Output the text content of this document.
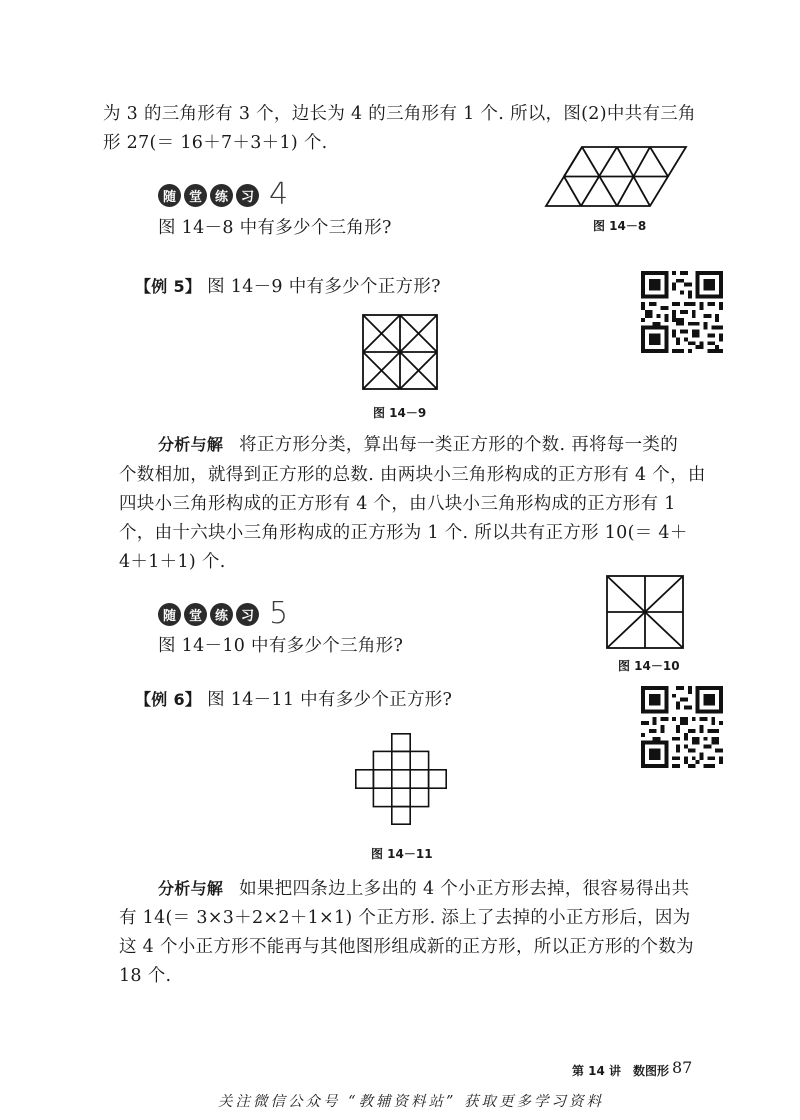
为 3 的三角形有 3 个，边长为 4 的三角形有 1 个. 所以，图(2)中共有三角
形 27(＝ 16＋7＋3＋1) 个.
随 堂 练 习 4
图 14－8 中有多少个三角形?	图 14－8
【例 5】 图 14－9 中有多少个正方形?
图 14－9
分析与解 将正方形分类，算出每一类正方形的个数. 再将每一类的
个数相加，就得到正方形的总数. 由两块小三角形构成的正方形有 4 个，由
四块小三角形构成的正方形有 4 个，由八块小三角形构成的正方形有 1
个，由十六块小三角形构成的正方形为 1 个. 所以共有正方形 10(＝ 4＋
4＋1＋1) 个.
随 堂 练 习 5
图 14－10 中有多少个三角形?
图 14－10
【例 6】 图 14－11 中有多少个正方形?
图 14－11
分析与解 如果把四条边上多出的 4 个小正方形去掉，很容易得出共
有 14(＝ 3×3＋2×2＋1×1) 个正方形. 添上了去掉的小正方形后，因为
这 4 个小正方形不能再与其他图形组成新的正方形，所以正方形的个数为
18 个.
第 14 讲　数图形 87
关注微信公众号 “教辅资料站” 获取更多学习资料
